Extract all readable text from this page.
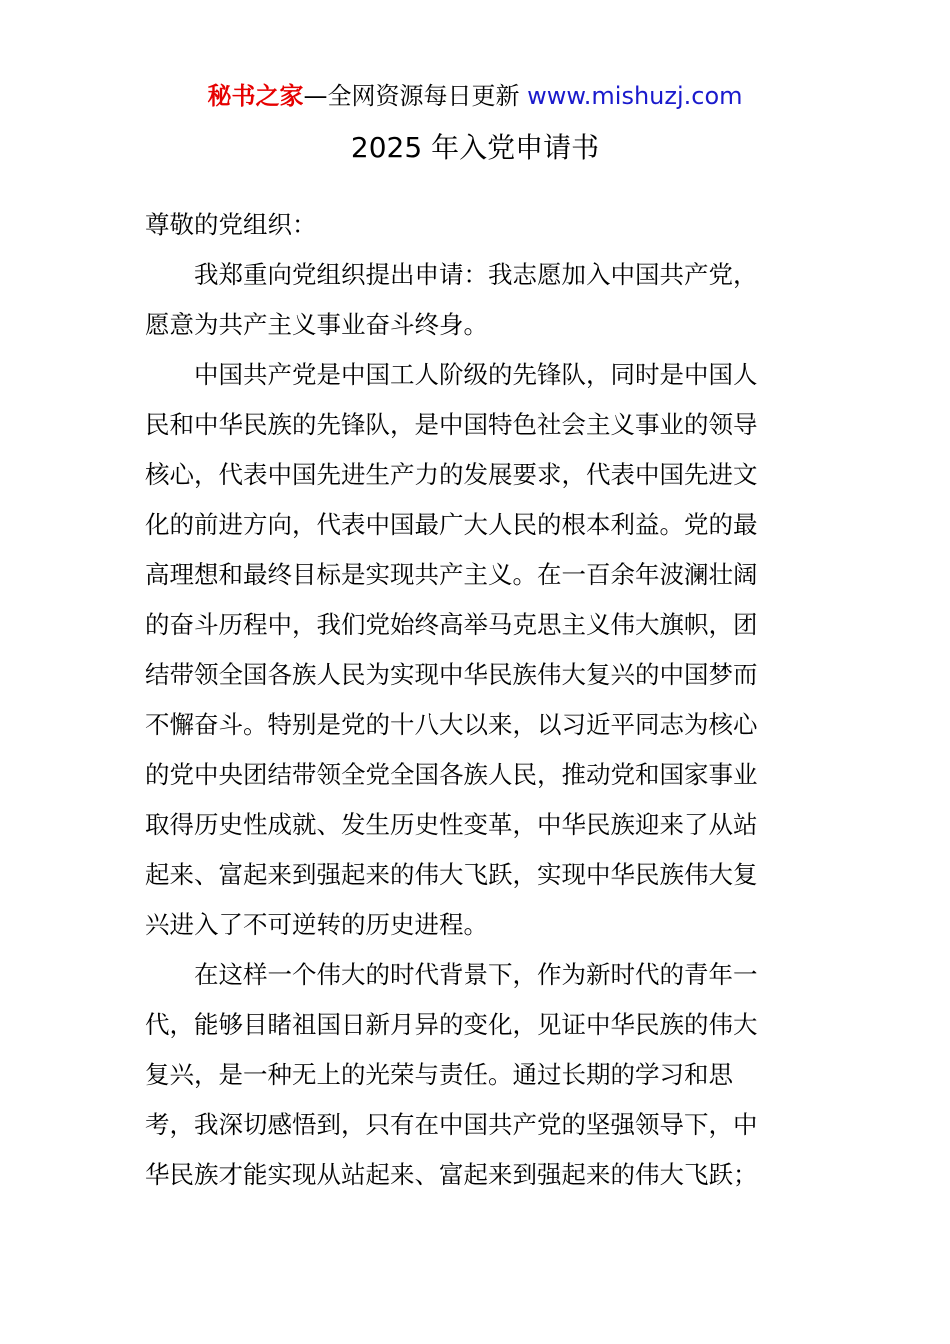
秘书之家—全网资源每日更新 www.mishuzj.com
2025 年入党申请书

尊敬的党组织：

我郑重向党组织提出申请：我志愿加入中国共产党，
愿意为共产主义事业奋斗终身。

中国共产党是中国工人阶级的先锋队，同时是中国人
民和中华民族的先锋队，是中国特色社会主义事业的领导
核心，代表中国先进生产力的发展要求，代表中国先进文
化的前进方向，代表中国最广大人民的根本利益。党的最
高理想和最终目标是实现共产主义。在一百余年波澜壮阔
的奋斗历程中，我们党始终高举马克思主义伟大旗帜，团
结带领全国各族人民为实现中华民族伟大复兴的中国梦而
不懈奋斗。特别是党的十八大以来，以习近平同志为核心
的党中央团结带领全党全国各族人民，推动党和国家事业
取得历史性成就、发生历史性变革，中华民族迎来了从站
起来、富起来到强起来的伟大飞跃，实现中华民族伟大复
兴进入了不可逆转的历史进程。

在这样一个伟大的时代背景下，作为新时代的青年一
代，能够目睹祖国日新月异的变化，见证中华民族的伟大
复兴，是一种无上的光荣与责任。通过长期的学习和思
考，我深切感悟到，只有在中国共产党的坚强领导下，中
华民族才能实现从站起来、富起来到强起来的伟大飞跃；
